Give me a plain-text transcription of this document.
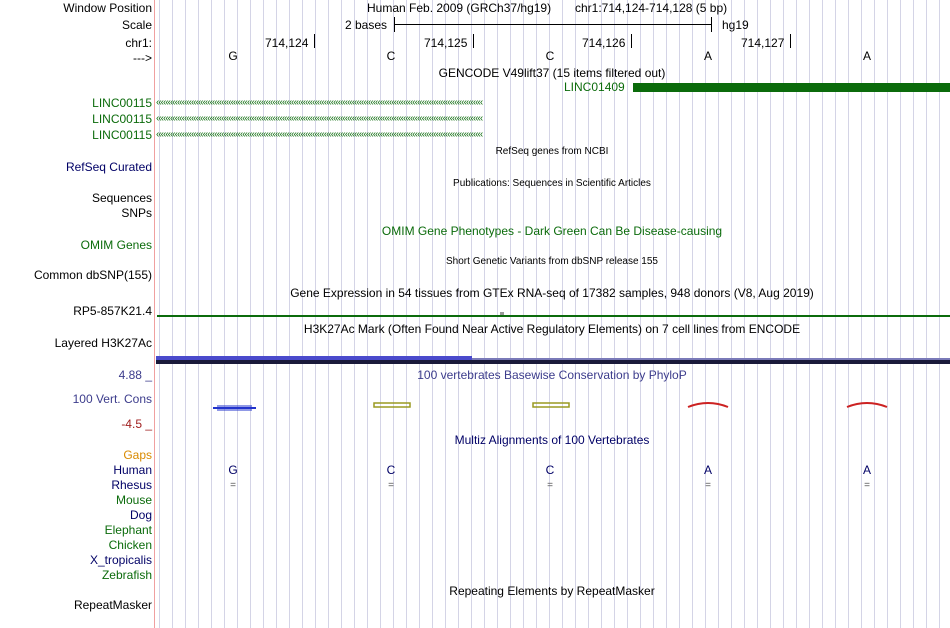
Window Position
Scale
chr1:
--->
Human Feb. 2009 (GRCh37/hg19) chr1:714,124-714,128 (5 bp)
2 bases	hg19
714,124	714,125	714,126	714,127
G	C	C	A	A
GENCODE V49lift37 (15 items filtered out)
LINC01409
LINC00115 ‹‹‹‹‹‹‹‹‹‹‹‹‹‹‹‹‹‹‹‹‹‹‹‹‹‹‹‹‹‹‹‹‹‹‹‹‹‹‹‹‹‹‹‹‹‹‹‹‹‹‹‹‹‹‹‹‹‹‹‹‹‹‹‹‹‹‹‹‹‹‹‹‹‹‹‹‹‹‹‹‹‹‹‹‹‹‹‹‹‹‹‹‹‹‹‹‹‹‹‹‹‹‹‹‹‹‹‹‹‹‹‹‹‹‹‹‹‹‹‹‹‹‹‹‹‹‹‹‹‹‹‹‹‹‹‹‹‹‹‹
LINC00115 ‹‹‹‹‹‹‹‹‹‹‹‹‹‹‹‹‹‹‹‹‹‹‹‹‹‹‹‹‹‹‹‹‹‹‹‹‹‹‹‹‹‹‹‹‹‹‹‹‹‹‹‹‹‹‹‹‹‹‹‹‹‹‹‹‹‹‹‹‹‹‹‹‹‹‹‹‹‹‹‹‹‹‹‹‹‹‹‹‹‹‹‹‹‹‹‹‹‹‹‹‹‹‹‹‹‹‹‹‹‹‹‹‹‹‹‹‹‹‹‹‹‹‹‹‹‹‹‹‹‹‹‹‹‹‹‹‹‹‹‹
LINC00115 ‹‹‹‹‹‹‹‹‹‹‹‹‹‹‹‹‹‹‹‹‹‹‹‹‹‹‹‹‹‹‹‹‹‹‹‹‹‹‹‹‹‹‹‹‹‹‹‹‹‹‹‹‹‹‹‹‹‹‹‹‹‹‹‹‹‹‹‹‹‹‹‹‹‹‹‹‹‹‹‹‹‹‹‹‹‹‹‹‹‹‹‹‹‹‹‹‹‹‹‹‹‹‹‹‹‹‹‹‹‹‹‹‹‹‹‹‹‹‹‹‹‹‹‹‹‹‹‹‹‹‹‹‹‹‹‹‹‹‹‹
RefSeq genes from NCBI
RefSeq Curated
Publications: Sequences in Scientific Articles
Sequences
SNPs
OMIM Gene Phenotypes - Dark Green Can Be Disease-causing
OMIM Genes
Short Genetic Variants from dbSNP release 155
Common dbSNP(155)
Gene Expression in 54 tissues from GTEx RNA-seq of 17382 samples, 948 donors (V8, Aug 2019)
RP5-857K21.4
H3K27Ac Mark (Often Found Near Active Regulatory Elements) on 7 cell lines from ENCODE
Layered H3K27Ac
4.88 _	100 vertebrates Basewise Conservation by PhyloP
100 Vert. Cons
-4.5 _
Multiz Alignments of 100 Vertebrates
Gaps
Human
Rhesus
Mouse
Dog
Elephant
Chicken
X_tropicalis
Zebrafish
G	C	C	A	A
=	=	=	=	=
Repeating Elements by RepeatMasker
RepeatMasker
